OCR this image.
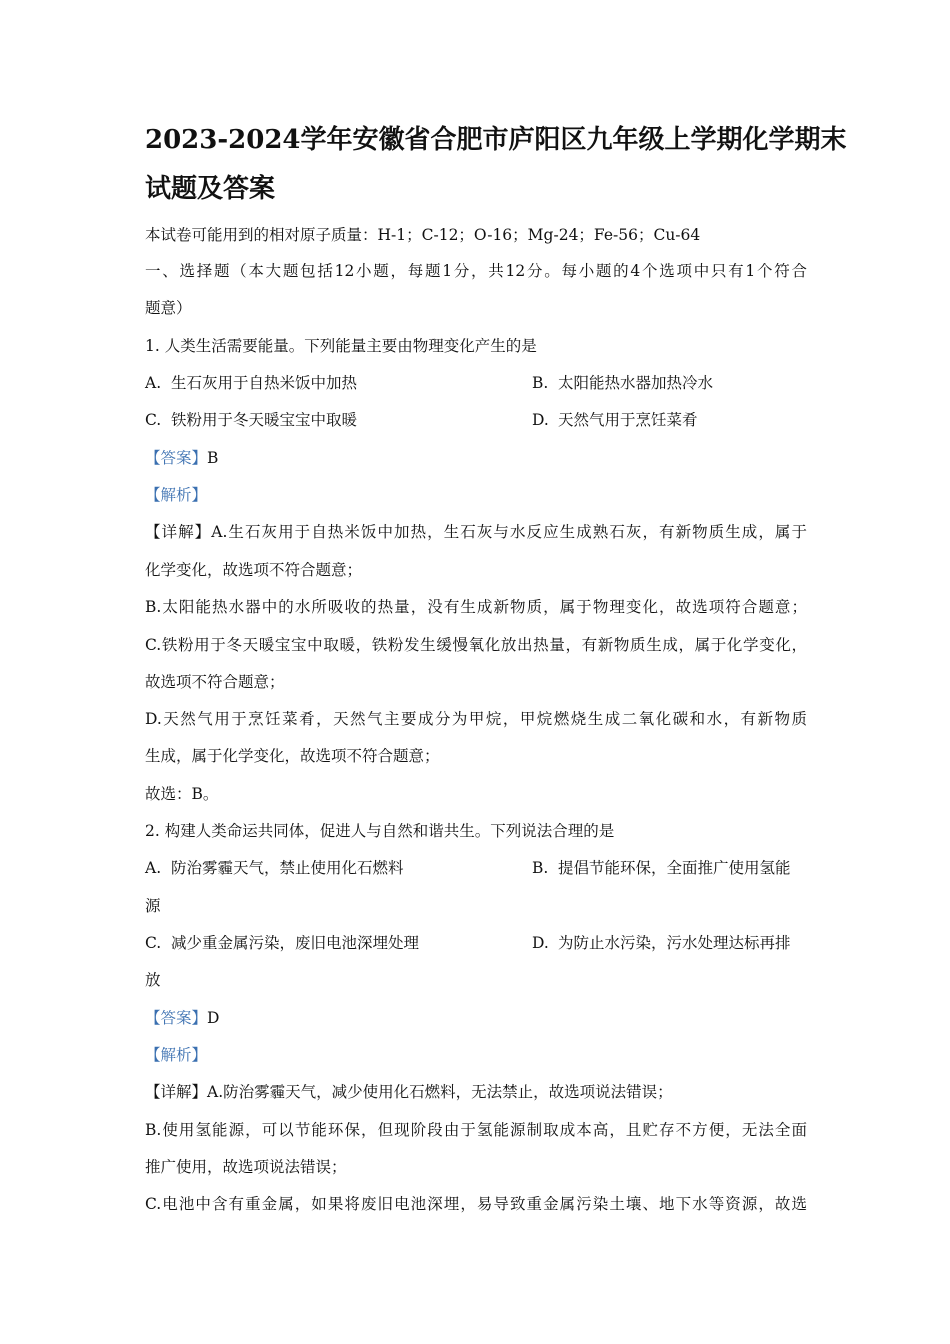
2023-2024学年安徽省合肥市庐阳区九年级上学期化学期末
试题及答案
本试卷可能用到的相对原子质量：H-1；C-12；O-16；Mg-24；Fe-56；Cu-64
一、选择题（本大题包括12小题，每题1分，共12分。每小题的4个选项中只有1个符合
题意）
1. 人类生活需要能量。下列能量主要由物理变化产生的是
A. 生石灰用于自热米饭中加热	B. 太阳能热水器加热冷水
C. 铁粉用于冬天暖宝宝中取暖	D. 天然气用于烹饪菜肴
【答案】B
【解析】
【详解】A.生石灰用于自热米饭中加热，生石灰与水反应生成熟石灰，有新物质生成，属于
化学变化，故选项不符合题意；
B.太阳能热水器中的水所吸收的热量，没有生成新物质，属于物理变化，故选项符合题意；
C.铁粉用于冬天暖宝宝中取暖，铁粉发生缓慢氧化放出热量，有新物质生成，属于化学变化，
故选项不符合题意；
D.天然气用于烹饪菜肴，天然气主要成分为甲烷，甲烷燃烧生成二氧化碳和水，有新物质
生成，属于化学变化，故选项不符合题意；
故选：B。
2. 构建人类命运共同体，促进人与自然和谐共生。下列说法合理的是
A. 防治雾霾天气，禁止使用化石燃料	B. 提倡节能环保，全面推广使用氢能
源
C. 减少重金属污染，废旧电池深埋处理	D. 为防止水污染，污水处理达标再排
放
【答案】D
【解析】
【详解】A.防治雾霾天气，减少使用化石燃料，无法禁止，故选项说法错误；
B.使用氢能源，可以节能环保，但现阶段由于氢能源制取成本高，且贮存不方便，无法全面
推广使用，故选项说法错误；
C.电池中含有重金属，如果将废旧电池深埋，易导致重金属污染土壤、地下水等资源，故选
